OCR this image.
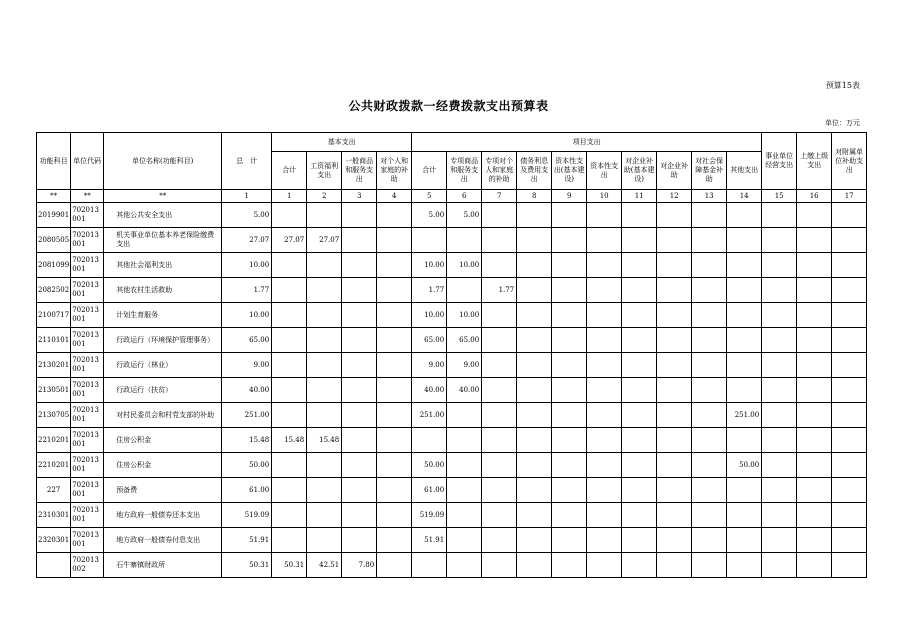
预算15表
公共财政拨款一经费拨款支出预算表
单位：万元
功能科目	单位代码	单位名称(功能科目)	总　计	基本支出				项目支出										事业单位经营支出	上缴上级支出	对附属单位补助支出
				合计	工资福利支出	一般商品和服务支出	对个人和家庭的补助	合计	专项商品和服务支出	专项对个人和家庭的补助	债务利息及费用支出	资本性支出(基本建设)	资本性支出	对企业补助(基本建设)	对企业补助	对社会保障基金补助	其他支出			
**	**	**	1	1	2	3	4	5	6	7	8	9	10	11	12	13	14	15	16	17
2019901	702013001	其他公共安全支出	5.00					5.00	5.00											
2080505	702013001	机关事业单位基本养老保险缴费支出	27.07	27.07	27.07															
2081099	702013001	其他社会福利支出	10.00					10.00	10.00											
2082502	702013001	其他农村生活救助	1.77					1.77		1.77										
2100717	702013001	计划生育服务	10.00					10.00	10.00											
2110101	702013001	行政运行（环境保护管理事务）	65.00					65.00	65.00											
2130201	702013001	行政运行（林业）	9.00					9.00	9.00											
2130501	702013001	行政运行（扶贫）	40.00					40.00	40.00											
2130705	702013001	对村民委员会和村党支部的补助	251.00					251.00									251.00			
2210201	702013001	住房公积金	15.48	15.48	15.48															
2210201	702013001	住房公积金	50.00					50.00									50.00			
227	702013001	预备费	61.00					61.00												
2310301	702013001	地方政府一般债券还本支出	519.09					519.09												
2320301	702013001	地方政府一般债券付息支出	51.91					51.91												
	702013002	石牛寨镇财政所	50.31	50.31	42.51	7.80														
